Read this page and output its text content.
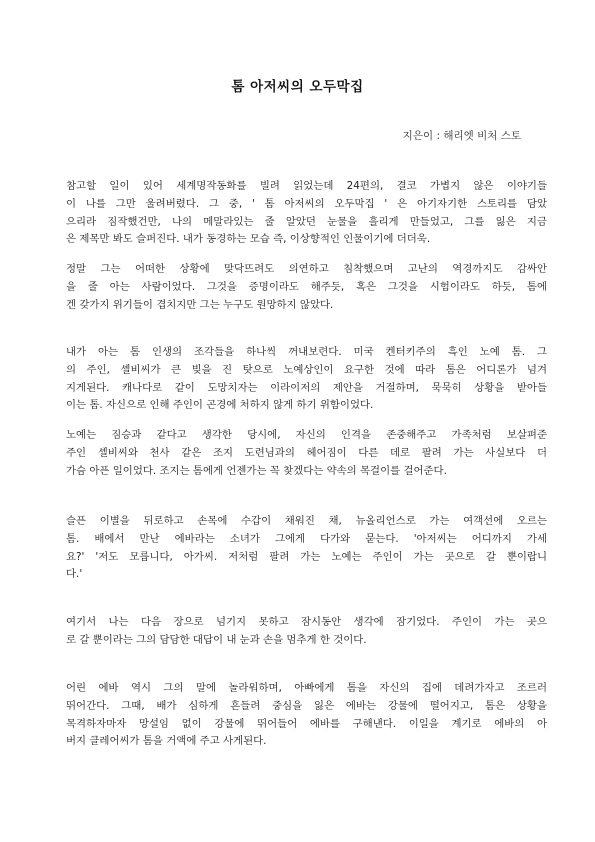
톰 아저씨의 오두막집
지은이 : 해리엣 비처 스토
참고할 일이 있어 세계명작동화를 빌려 읽었는데 24편의, 결코 가볍지 않은 이야기들
이 나를 그만 울려버렸다. 그 중, ' 톰 아저씨의 오두막집 ' 은 아기자기한 스토리를 담았
으리라 짐작했건만, 나의 메말라있는 줄 알았던 눈물을 흘리게 만들었고, 그를 잃은 지금
은 제목만 봐도 슬퍼진다. 내가 동경하는 모습 즉, 이상향적인 인물이기에 더더욱.
정말 그는 어떠한 상황에 맞닥뜨려도 의연하고 침착했으며 고난의 역경까지도 감싸안
을 줄 아는 사람이었다. 그것을 증명이라도 해주듯, 혹은 그것을 시험이라도 하듯, 톰에
겐 갖가지 위기들이 겹치지만 그는 누구도 원망하지 않았다.
내가 아는 톰 인생의 조각들을 하나씩 꺼내보련다. 미국 켄터키주의 흑인 노예 톰. 그
의 주인, 셸비씨가 큰 빚을 진 탓으로 노예상인이 요구한 것에 따라 톰은 어디론가 넘겨
지게된다. 캐나다로 같이 도망치자는 이라이저의 제안을 거절하며, 묵묵히 상황을 받아들
이는 톰. 자신으로 인해 주인이 곤경에 처하지 않게 하기 위함이었다.
노예는 짐승과 같다고 생각한 당시에, 자신의 인격을 존중해주고 가족처럼 보살펴준
주인 셸비씨와 천사 같은 조지 도련님과의 헤어짐이 다른 데로 팔려 가는 사실보다 더
가슴 아픈 일이었다. 조지는 톰에게 언젠가는 꼭 찾겠다는 약속의 목걸이를 걸어준다.
슬픈 이별을 뒤로하고 손목에 수갑이 채워진 채, 뉴올리언스로 가는 여객선에 오르는
톰. 배에서 만난 에바라는 소녀가 그에게 다가와 묻는다. '아저씨는 어디까지 가세
요?' '저도 모릅니다, 아가씨. 저처럼 팔려 가는 노예는 주인이 가는 곳으로 갈 뿐이랍니
다.'
여기서 나는 다음 장으로 넘기지 못하고 잠시동안 생각에 잠기었다. 주인이 가는 곳으
로 갈 뿐이라는 그의 담담한 대답이 내 눈과 손을 멈추게 한 것이다.
어린 에바 역시 그의 말에 놀라워하며, 아빠에게 톰을 자신의 집에 데려가자고 조르러
뛰어간다. 그때, 배가 심하게 흔들려 중심을 잃은 에바는 강물에 떨어지고, 톰은 상황을
목격하자마자 망설임 없이 강물에 뛰어들어 에바를 구해낸다. 이일을 계기로 에바의 아
버지 클레어씨가 톰을 거액에 주고 사게된다.
